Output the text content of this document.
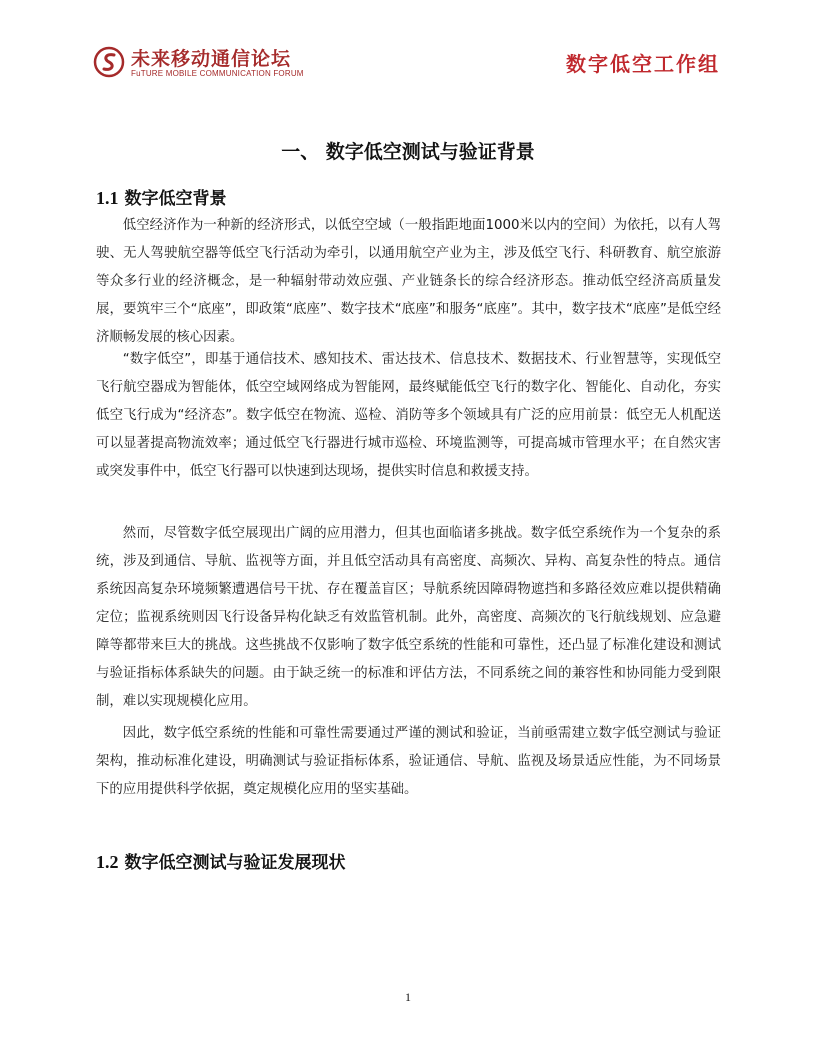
未来移动通信论坛
FuTURE MOBILE COMMUNICATION FORUM	数字低空工作组
一、 数字低空测试与验证背景
1.1 数字低空背景

低空经济作为一种新的经济形式，以低空空域（一般指距地面1000米以内的空间）为依托，以有人驾驶、无人驾驶航空器等低空飞行活动为牵引，以通用航空产业为主，涉及低空飞行、科研教育、航空旅游等众多行业的经济概念，是一种辐射带动效应强、产业链条长的综合经济形态。推动低空经济高质量发展，要筑牢三个“底座”，即政策“底座”、数字技术“底座”和服务“底座”。其中，数字技术“底座”是低空经济顺畅发展的核心因素。

“数字低空”，即基于通信技术、感知技术、雷达技术、信息技术、数据技术、行业智慧等，实现低空飞行航空器成为智能体，低空空域网络成为智能网，最终赋能低空飞行的数字化、智能化、自动化，夯实低空飞行成为“经济态”。数字低空在物流、巡检、消防等多个领域具有广泛的应用前景：低空无人机配送可以显著提高物流效率；通过低空飞行器进行城市巡检、环境监测等，可提高城市管理水平；在自然灾害或突发事件中，低空飞行器可以快速到达现场，提供实时信息和救援支持。

然而，尽管数字低空展现出广阔的应用潜力，但其也面临诸多挑战。数字低空系统作为一个复杂的系统，涉及到通信、导航、监视等方面，并且低空活动具有高密度、高频次、异构、高复杂性的特点。通信系统因高复杂环境频繁遭遇信号干扰、存在覆盖盲区；导航系统因障碍物遮挡和多路径效应难以提供精确定位；监视系统则因飞行设备异构化缺乏有效监管机制。此外，高密度、高频次的飞行航线规划、应急避障等都带来巨大的挑战。这些挑战不仅影响了数字低空系统的性能和可靠性，还凸显了标准化建设和测试与验证指标体系缺失的问题。由于缺乏统一的标准和评估方法，不同系统之间的兼容性和协同能力受到限制，难以实现规模化应用。

因此，数字低空系统的性能和可靠性需要通过严谨的测试和验证，当前亟需建立数字低空测试与验证架构，推动标准化建设，明确测试与验证指标体系，验证通信、导航、监视及场景适应性能，为不同场景下的应用提供科学依据，奠定规模化应用的坚实基础。

1.2 数字低空测试与验证发展现状
1
